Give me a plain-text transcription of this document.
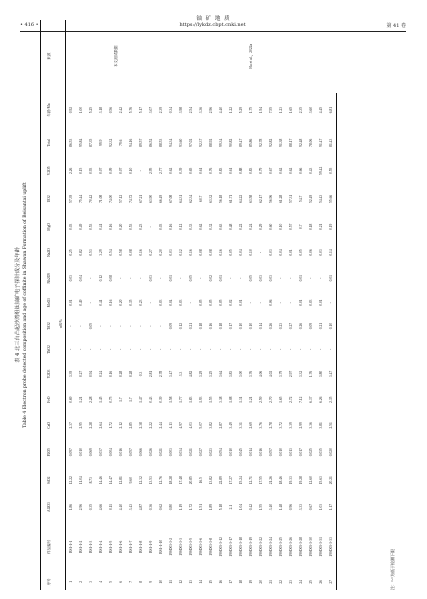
铀 矿 地 质
• 416 •	https://lykdz.cbpt.cnki.net	第 41 卷
表 4 北三台凸起沙湾组钛铀矿电子探针成分及年龄 Table 4 Electron probe detected composition and age of coffinite in Shawan Formation of Beisantai uplift
序号	样品编号	Al2O3	SiO2	P2O5	CaO	FeO	Y2O3	ThO2	TiO2	MoO3	Nb2O5	Na2O	MgO	UO2	V2O5	Total	年龄/Ma	来源
		wB/%																
1	BS1-1-1	1.86	12.22	0.097	2.37	0.69	3.39	-	-	0.01	0.03	0.25	0.03	57.39	2.26	86.53	0.92	本文测试数据
2	BS1-1-2	2.96	11.04	0.010	2.95	1.21	0.27	-	-	0.49	0.04	0.82	0.49	75.44	0.15	95.84	1.00	
3	BS1-1-3	0.35	8.73	0.069	2.28	2.28	0.94	-	0.05	-	-	0.53	0.53	70.42	0.93	87.35	5.25	
4	BS1-1-4	4.66	14.46	0.037	2.64	1.45	0.24	-	-	0.41	0.12	3.29	0.41	71.08	0.07	99.9	3.18	
5	BS1-1-5	0.11	14.47	0.004	1.72	0.75	0.16	-	-	0.16	0.08	0.54	0.16	74.00	0.09	92.32	0.56	
6	BS1-1-6	4.40	12.81	0.016	2.12	1.7	0.28	-	-	0.20	-	0.58	0.20	57.12	0.07	79.6	2.42	
7	BS1-1-7	3.43	9.60	0.057	2.85	1.7	0.28	-	-	0.35	-	0.08	0.53	74.72	0.10	94.16	5.76	
8	BS1-1-8	4.87	12.32	0.066	2.38	1.47	0.3	-	-	0.23	-	0.16	0.23	67.21	-	89.57	5.17	
9	BS1-1-9	0.36	13.53	0.026	2.22	0.43	2.81	-	-	-	0.03	0.27	-	63.90	2.95	86.52	3.07	
10	BS1-1-10	0.62	12.76	0.021	2.44	0.39	2.78	-	-	0.03	-	0.20	0.03	66.49	2.77	88.53	2.39	
11	19SD03-3-2	0.80	18.28	0.003	4.13	1.58	3.47	-	0.09	0.04	0.01	0.03	0.16	67.08	0.62	94.34	0.34	Hu et al.，2022a
12	19SD03-3-3	1.19	17.48	0.034	4.97	1.77	3.3	-	0.12	0.03	-	0.12	0.12	64.31	0.39	93.60	3.98	
13	19SD03-3-5	1.72	20.85	0.021	4.03	1.83	4.82	-	0.21	-	0.05	0.16	0.33	62.34	0.65	97.02	2.54	
14	19SD03-3-6	1.51	16.5	0.027	5.07	1.93	3.29	-	0.18	0.05	-	0.08	0.62	60.7	0.61	92.37	3.36	
15	19SD03-3-8	1.89	13.82	0.023	3.82	1.55	3.25	-	0.16	0.05	0.02	0.08	0.32	63.32	0.76	88.92	2.96	
16	19SD03-3-12	5.18	22.89	0.054	2.87	3.38	3.64	-	0.18	0.05	0.01	0.16	0.63	56.18	0.83	99.34	4.40	
17	19SD03-3-17	2.1	17.27	0.010	3.49	1.08	3.83	-	0.17	0.02	-	0.05	0.48	61.71	0.61	90.82	1.22	
18	19SD03-3-18	1.04	15.24	0.045	3.31	1.31	3.00	-	0.10	0.01	-	0.04	0.22	64.22	0.88	89.47	5.29	
19	19SD03-3-19	0.42	12.71	0.014	2.69	1.21	3.76	-	0.10	-	0.05	0.10	0.24	63.58	0.83	85.86	1.75	
20	19SD03-3-22	1.55	17.55	0.016	3.76	2.59	4.06	-	0.14	-	0.03	-	0.29	62.17	0.79	92.78	1.94	
21	19SD03-3-24	3.40	21.26	0.057	2.78	2.70	4.02	-	0.26	0.06	0.03	0.03	0.60	56.96	0.67	92.82	7.55	
22	19SD03-3-25	1.48	18.46	0.010	3.72	1.65	3.79	-	0.23	-	-	0.04	0.10	61.28	0.62	91.38	1.23	
23	19SD03-3-26	0.96	19.33	0.013	3.39	2.72	2.97	-	0.27	-	-	0.01	0.57	57.31	0.62	88.17	1.65	
24	19SD03-3-28	3.33	19.28	0.017	2.99	7.12	3.32	-	0.26	0.01	0.01	0.05	0.7	54.7	0.66	92.48	2.35	
25	19SD03-3-30	0.67	12.60	0.025	3.36	6.37	1.76	-	0.09	0.03	-	0.06	0.18	52.49	0.43	78.06	3.60	
26	19SD03-3-31	1.03	15.63	0.035	3.81	6.26	3.80	-	0.21	0.01	-	0.03	0.21	54.43	59.42	91.47	4.45	
27	19SD03-3-33	1.17	20.21	0.020	2.51	2.35	3.47	-	0.10	-	0.01	0.14	0.19	55.66	0.55	81.43	6.81	
注："-"为低于检测下限
